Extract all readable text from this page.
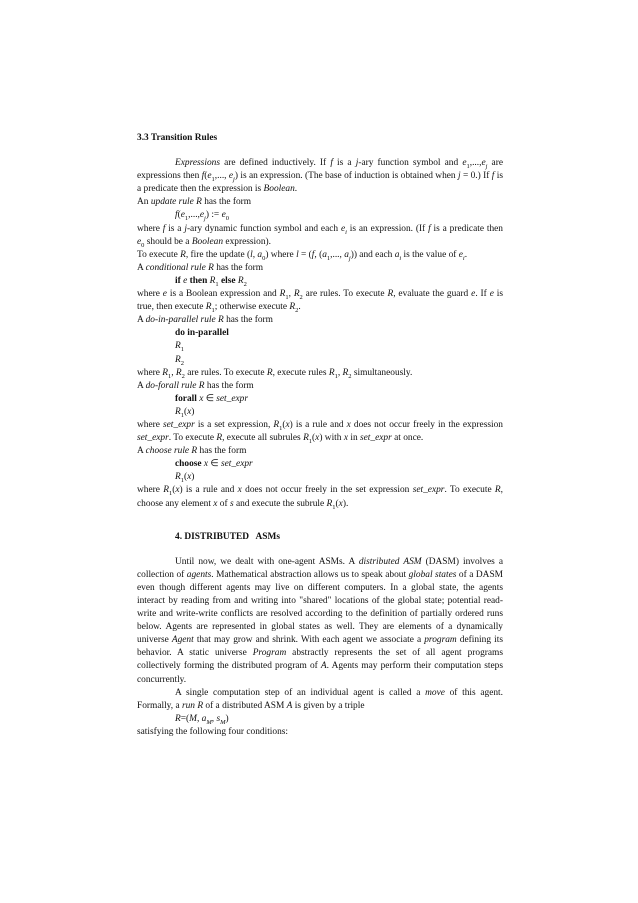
3.3 Transition Rules

Expressions are defined inductively. If f is a j-ary function symbol and $e_1,...,e_j$ are expressions then $f(e_1$,..., $e_j$) is an expression. (The base of induction is obtained when j = 0.) If f is a predicate then the expression is Boolean.

An update rule R has the form

$f(e_1,...,e_j)$ := $e_0$

where f is a j-ary dynamic function symbol and each $e_i$ is an expression. (If f is a predicate then $e_0$ should be a Boolean expression).

To execute R, fire the update (l, $a_0$) where l = (f, ($a_1$,..., $a_j$)) and each $a_i$ is the value of $e_i$.

A conditional rule R has the form

if e then $R_1$ else $R_2$

where e is a Boolean expression and $R_1$, $R_2$ are rules. To execute R, evaluate the guard e. If e is true, then execute $R_1$; otherwise execute $R_2$.

A do-in-parallel rule R has the form

do in-parallel

$R_1$

$R_2$

where $R_1$, $R_2$ are rules. To execute R, execute rules $R_1$, $R_2$ simultaneously.

A do-forall rule R has the form

forall x ∈ set_expr

$R_1(x)$

where set_expr is a set expression, $R_1(x)$ is a rule and x does not occur freely in the expression set_expr. To execute R, execute all subrules $R_1(x)$ with x in set_expr at once.

A choose rule R has the form

choose x ∈ set_expr

$R_1(x)$

where $R_1(x)$ is a rule and x does not occur freely in the set expression set_expr. To execute R, choose any element x of s and execute the subrule $R_1(x)$.

4. DISTRIBUTED   ASMs

Until now, we dealt with one-agent ASMs. A distributed ASM (DASM) involves a collection of agents. Mathematical abstraction allows us to speak about global states of a DASM even though different agents may live on different computers. In a global state, the agents interact by reading from and writing into "shared" locations of the global state; potential read-write and write-write conflicts are resolved according to the definition of partially ordered runs below. Agents are represented in global states as well. They are elements of a dynamically universe Agent that may grow and shrink. With each agent we associate a program defining its behavior. A static universe Program abstractly represents the set of all agent programs collectively forming the distributed program of A. Agents may perform their computation steps concurrently.

A single computation step of an individual agent is called a move of this agent. Formally, a run R of a distributed ASM A is given by a triple

R=(M, $a_M$, $s_M$)

satisfying the following four conditions:
